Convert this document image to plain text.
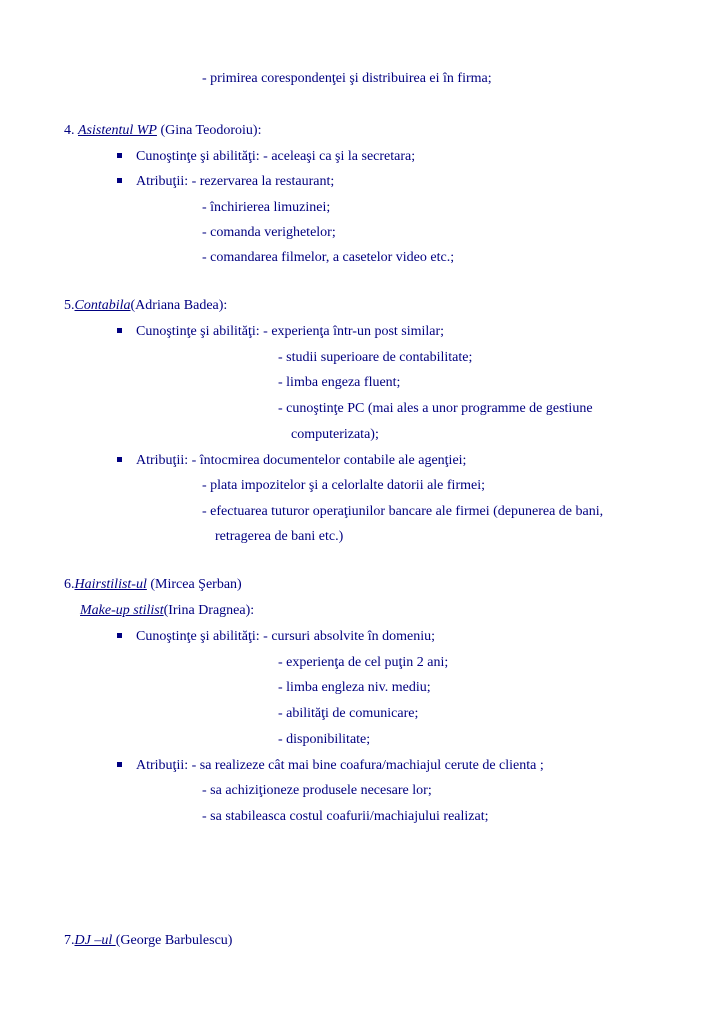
- primirea corespondenţei şi distribuirea ei în firma;
4. Asistentul WP (Gina Teodoroiu):
Cunoştinţe şi abilităţi: - aceleaşi ca şi la secretara;
Atribuţii: - rezervarea la restaurant;
- închirierea limuzinei;
- comanda verighetelor;
- comandarea filmelor, a casetelor video etc.;
5.Contabila(Adriana Badea):
Cunoştinţe şi abilităţi: - experienţa într-un post similar;
- studii superioare de contabilitate;
- limba engeza fluent;
- cunoştinţe PC (mai ales a unor programme de gestiune
computerizata);
Atribuţii: - întocmirea documentelor contabile ale agenţiei;
- plata impozitelor şi a celorlalte datorii ale firmei;
- efectuarea tuturor operaţiunilor bancare ale firmei (depunerea de bani,
retragerea de bani etc.)
6.Hairstilist-ul (Mircea Şerban)
Make-up stilist(Irina Dragnea):
Cunoştinţe şi abilităţi: - cursuri absolvite în domeniu;
- experienţa de cel puţin 2 ani;
- limba engleza niv. mediu;
- abilităţi de comunicare;
- disponibilitate;
Atribuţii: - sa realizeze cât mai bine coafura/machiajul cerute de clienta ;
- sa achiziţioneze produsele necesare lor;
- sa stabileasca costul coafurii/machiajului realizat;
7.DJ –ul (George Barbulescu)
